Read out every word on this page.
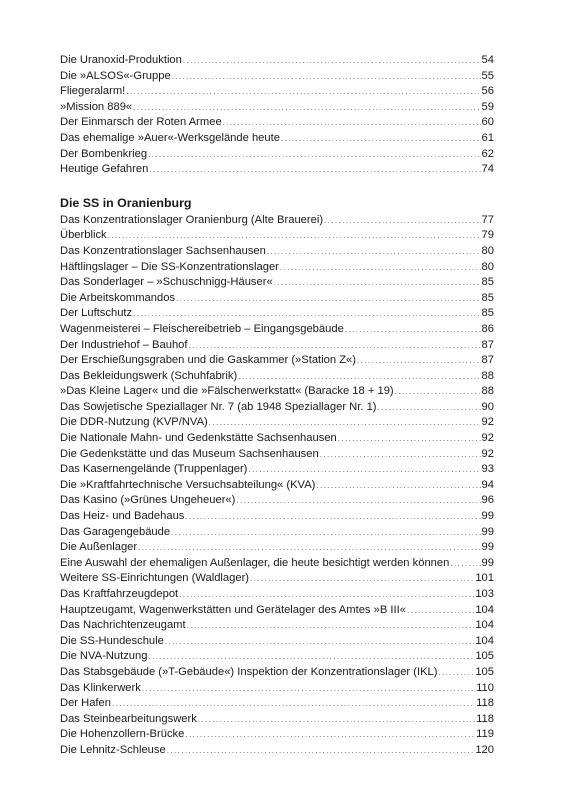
Die Uranoxid-Produktion .....	54
Die »ALSOS«-Gruppe .....	55
Fliegeralarm! .....	56
»Mission 889« .....	59
Der Einmarsch der Roten Armee .....	60
Das ehemalige »Auer«-Werksgelände heute .....	61
Der Bombenkrieg .....	62
Heutige Gefahren .....	74
Die SS in Oranienburg
Das Konzentrationslager Oranienburg (Alte Brauerei) .....	77
Überblick .....	79
Das Konzentrationslager Sachsenhausen .....	80
Häftlingslager – Die SS-Konzentrationslager .....	80
Das Sonderlager – »Schuschnigg-Häuser« .....	85
Die Arbeitskommandos .....	85
Der Luftschutz .....	85
Wagenmeisterei – Fleischereibetrieb – Eingangsgebäude .....	86
Der Industriehof – Bauhof .....	87
Der Erschießungsgraben und die Gaskammer (»Station Z«) .....	87
Das Bekleidungswerk (Schuhfabrik) .....	88
»Das Kleine Lager« und die »Fälscherwerkstatt« (Baracke 18 + 19) .....	88
Das Sowjetische Speziallager Nr. 7 (ab 1948 Speziallager Nr. 1) .....	90
Die DDR-Nutzung (KVP/NVA) .....	92
Die Nationale Mahn- und Gedenkstätte Sachsenhausen .....	92
Die Gedenkstätte und das Museum Sachsenhausen .....	92
Das Kasernengelände (Truppenlager) .....	93
Die »Kraftfahrtechnische Versuchsabteilung« (KVA) .....	94
Das Kasino (»Grünes Ungeheuer«) .....	96
Das Heiz- und Badehaus .....	99
Das Garagengebäude .....	99
Die Außenlager .....	99
Eine Auswahl der ehemaligen Außenlager, die heute besichtigt werden können .....	99
Weitere SS-Einrichtungen (Waldlager) .....	101
Das Kraftfahrzeugdepot .....	103
Hauptzeugamt, Wagenwerkstätten und Gerätelager des Amtes »B III« .....	104
Das Nachrichtenzeugamt .....	104
Die SS-Hundeschule .....	104
Die NVA-Nutzung .....	105
Das Stabsgebäude (»T-Gebäude«) Inspektion der Konzentrationslager (IKL) .....	105
Das Klinkerwerk .....	110
Der Hafen .....	118
Das Steinbearbeitungswerk .....	118
Die Hohenzollern-Brücke .....	119
Die Lehnitz-Schleuse .....	120
